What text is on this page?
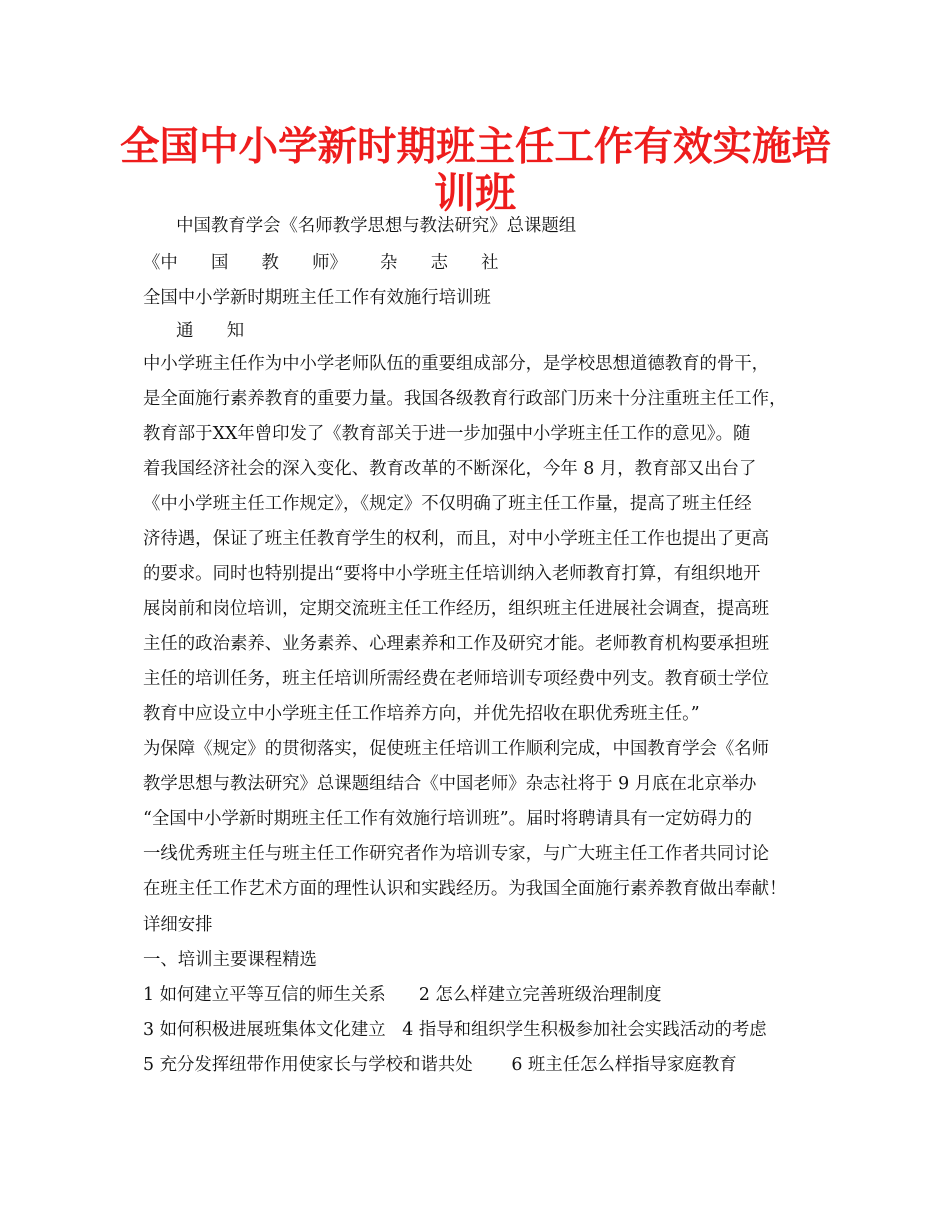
全国中小学新时期班主任工作有效实施培
训班
中国教育学会《名师教学思想与教法研究》总课题组
《中      国      教      师》      杂      志      社
全国中小学新时期班主任工作有效施行培训班
通      知
中小学班主任作为中小学老师队伍的重要组成部分，是学校思想道德教育的骨干，
是全面施行素养教育的重要力量。我国各级教育行政部门历来十分注重班主任工作，
教育部于XX年曾印发了《教育部关于进一步加强中小学班主任工作的意见》。随
着我国经济社会的深入变化、教育改革的不断深化，今年 8 月，教育部又出台了
《中小学班主任工作规定》，《规定》不仅明确了班主任工作量，提高了班主任经
济待遇，保证了班主任教育学生的权利，而且，对中小学班主任工作也提出了更高
的要求。同时也特别提出“要将中小学班主任培训纳入老师教育打算，有组织地开
展岗前和岗位培训，定期交流班主任工作经历，组织班主任进展社会调查，提高班
主任的政治素养、业务素养、心理素养和工作及研究才能。老师教育机构要承担班
主任的培训任务，班主任培训所需经费在老师培训专项经费中列支。教育硕士学位
教育中应设立中小学班主任工作培养方向，并优先招收在职优秀班主任。”
为保障《规定》的贯彻落实，促使班主任培训工作顺利完成，中国教育学会《名师
教学思想与教法研究》总课题组结合《中国老师》杂志社将于 9 月底在北京举办
“全国中小学新时期班主任工作有效施行培训班”。届时将聘请具有一定妨碍力的
一线优秀班主任与班主任工作研究者作为培训专家，与广大班主任工作者共同讨论
在班主任工作艺术方面的理性认识和实践经历。为我国全面施行素养教育做出奉献！
详细安排
一、培训主要课程精选
1 如何建立平等互信的师生关系      2 怎么样建立完善班级治理制度
3 如何积极进展班集体文化建立   4 指导和组织学生积极参加社会实践活动的考虑
5 充分发挥纽带作用使家长与学校和谐共处       6 班主任怎么样指导家庭教育
